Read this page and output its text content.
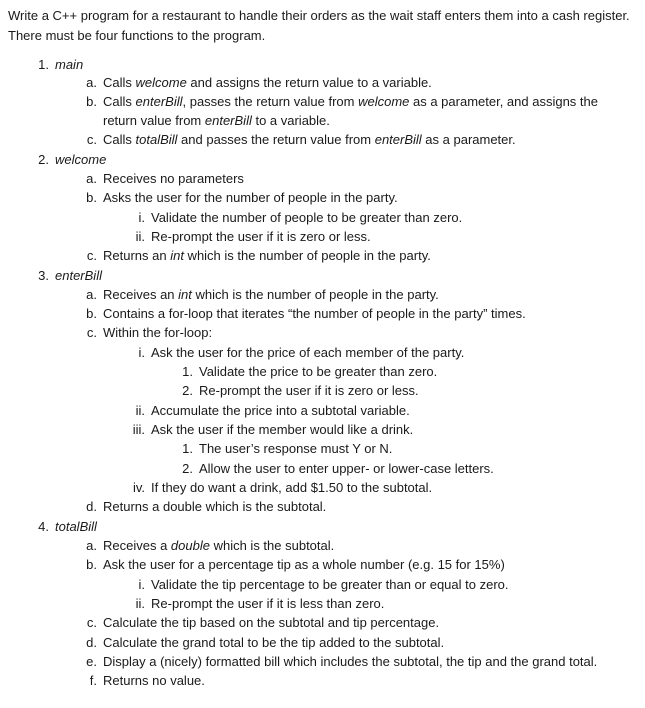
Write a C++ program for a restaurant to handle their orders as the wait staff enters them into a cash register. There must be four functions to the program.

1. main
a. Calls welcome and assigns the return value to a variable.
b. Calls enterBill, passes the return value from welcome as a parameter, and assigns the return value from enterBill to a variable.
c. Calls totalBill and passes the return value from enterBill as a parameter.
2. welcome
a. Receives no parameters
b. Asks the user for the number of people in the party.
i. Validate the number of people to be greater than zero.
ii. Re-prompt the user if it is zero or less.
c. Returns an int which is the number of people in the party.
3. enterBill
a. Receives an int which is the number of people in the party.
b. Contains a for-loop that iterates “the number of people in the party” times.
c. Within the for-loop:
i. Ask the user for the price of each member of the party.
1. Validate the price to be greater than zero.
2. Re-prompt the user if it is zero or less.
ii. Accumulate the price into a subtotal variable.
iii. Ask the user if the member would like a drink.
1. The user’s response must Y or N.
2. Allow the user to enter upper- or lower-case letters.
iv. If they do want a drink, add $1.50 to the subtotal.
d. Returns a double which is the subtotal.
4. totalBill
a. Receives a double which is the subtotal.
b. Ask the user for a percentage tip as a whole number (e.g. 15 for 15%)
i. Validate the tip percentage to be greater than or equal to zero.
ii. Re-prompt the user if it is less than zero.
c. Calculate the tip based on the subtotal and tip percentage.
d. Calculate the grand total to be the tip added to the subtotal.
e. Display a (nicely) formatted bill which includes the subtotal, the tip and the grand total.
f. Returns no value.
